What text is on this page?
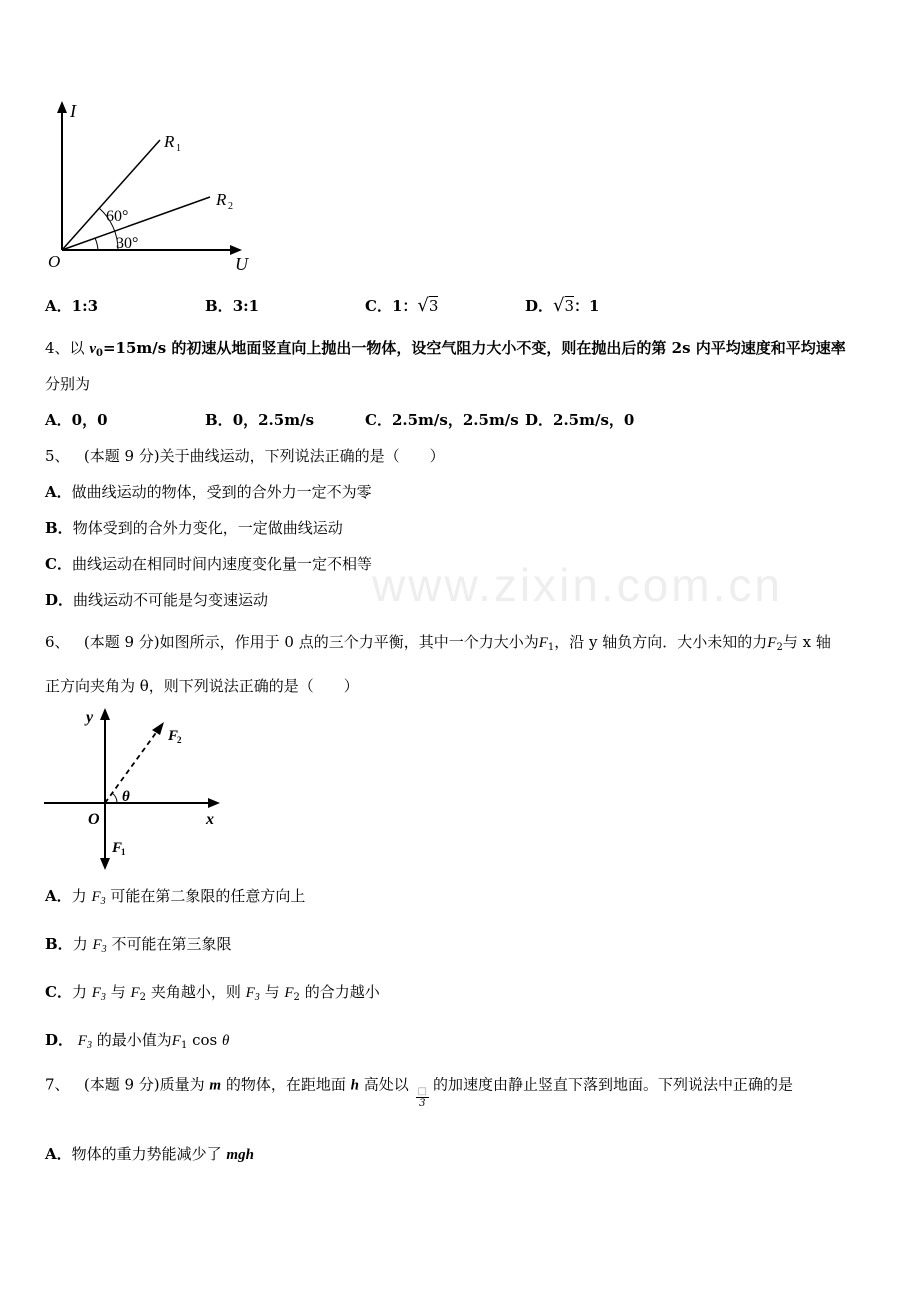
www.zixin.com.cn
I
U
O
R 1
R 2
60°
30°
A．1:3	B．3:1	C．1：√3	D．√3：1
4、以 $v_0=15m/s$ 的初速从地面竖直向上抛出一物体，设空气阻力大小不变，则在抛出后的第 2s 内平均速度和平均速率
分别为
A．0，0	B．0，2.5m/s	C．2.5m/s，2.5m/s D．2.5m/s，0
5、 (本题 9 分)关于曲线运动，下列说法正确的是（　　）
A．做曲线运动的物体，受到的合外力一定不为零
B．物体受到的合外力变化，一定做曲线运动
C．曲线运动在相同时间内速度变化量一定不相等
D．曲线运动不可能是匀变速运动
6、 (本题 9 分)如图所示，作用于 0 点的三个力平衡，其中一个力大小为$F_1$，沿 y 轴负方向．大小未知的力$F_2$与 x 轴
正方向夹角为 θ，则下列说法正确的是（　　）
y
x
O
θ
F
2
F
1
A．力 $F_3$ 可能在第二象限的任意方向上
B．力 $F_3$ 不可能在第三象限
C．力 $F_3$ 与 $F_2$ 夹角越小，则 $F_3$ 与 $F_2$ 的合力越小
D． $F_3$ 的最小值为$F_1$ cos θ
7、 (本题 9 分)质量为 m 的物体，在距地面 h 高处以
$\frac{□}{3}$
的加速度由静止竖直下落到地面。下列说法中正确的是
A．物体的重力势能减少了 mgh
